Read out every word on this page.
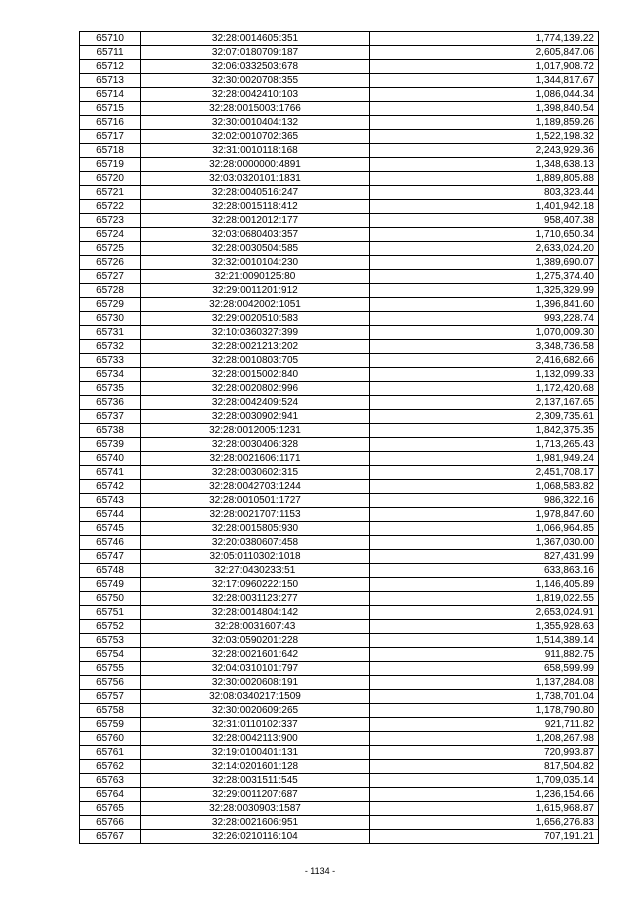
65710	32:28:0014605:351	1,774,139.22
65711	32:07:0180709:187	2,605,847.06
65712	32:06:0332503:678	1,017,908.72
65713	32:30:0020708:355	1,344,817.67
65714	32:28:0042410:103	1,086,044.34
65715	32:28:0015003:1766	1,398,840.54
65716	32:30:0010404:132	1,189,859.26
65717	32:02:0010702:365	1,522,198.32
65718	32:31:0010118:168	2,243,929.36
65719	32:28:0000000:4891	1,348,638.13
65720	32:03:0320101:1831	1,889,805.88
65721	32:28:0040516:247	803,323.44
65722	32:28:0015118:412	1,401,942.18
65723	32:28:0012012:177	958,407.38
65724	32:03:0680403:357	1,710,650.34
65725	32:28:0030504:585	2,633,024.20
65726	32:32:0010104:230	1,389,690.07
65727	32:21:0090125:80	1,275,374.40
65728	32:29:0011201:912	1,325,329.99
65729	32:28:0042002:1051	1,396,841.60
65730	32:29:0020510:583	993,228.74
65731	32:10:0360327:399	1,070,009.30
65732	32:28:0021213:202	3,348,736.58
65733	32:28:0010803:705	2,416,682.66
65734	32:28:0015002:840	1,132,099.33
65735	32:28:0020802:996	1,172,420.68
65736	32:28:0042409:524	2,137,167.65
65737	32:28:0030902:941	2,309,735.61
65738	32:28:0012005:1231	1,842,375.35
65739	32:28:0030406:328	1,713,265.43
65740	32:28:0021606:1171	1,981,949.24
65741	32:28:0030602:315	2,451,708.17
65742	32:28:0042703:1244	1,068,583.82
65743	32:28:0010501:1727	986,322.16
65744	32:28:0021707:1153	1,978,847.60
65745	32:28:0015805:930	1,066,964.85
65746	32:20:0380607:458	1,367,030.00
65747	32:05:0110302:1018	827,431.99
65748	32:27:0430233:51	633,863.16
65749	32:17:0960222:150	1,146,405.89
65750	32:28:0031123:277	1,819,022.55
65751	32:28:0014804:142	2,653,024.91
65752	32:28:0031607:43	1,355,928.63
65753	32:03:0590201:228	1,514,389.14
65754	32:28:0021601:642	911,882.75
65755	32:04:0310101:797	658,599.99
65756	32:30:0020608:191	1,137,284.08
65757	32:08:0340217:1509	1,738,701.04
65758	32:30:0020609:265	1,178,790.80
65759	32:31:0110102:337	921,711.82
65760	32:28:0042113:900	1,208,267.98
65761	32:19:0100401:131	720,993.87
65762	32:14:0201601:128	817,504.82
65763	32:28:0031511:545	1,709,035.14
65764	32:29:0011207:687	1,236,154.66
65765	32:28:0030903:1587	1,615,968.87
65766	32:28:0021606:951	1,656,276.83
65767	32:26:0210116:104	707,191.21
- 1134 -
